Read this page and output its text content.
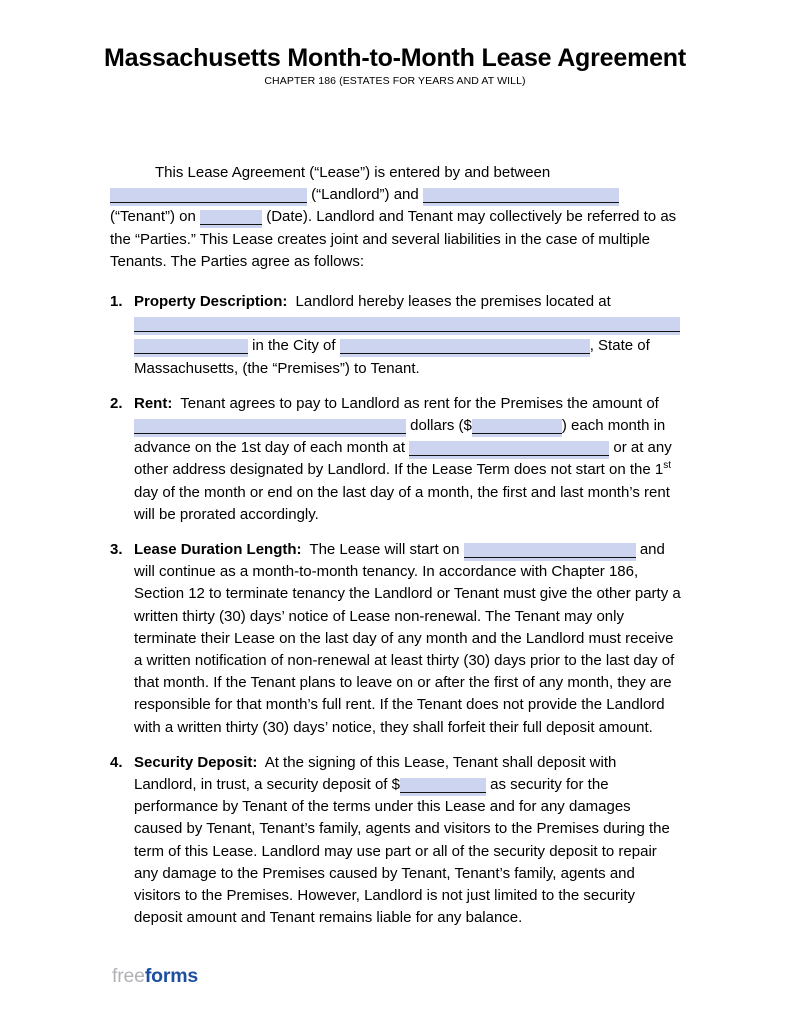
Massachusetts Month-to-Month Lease Agreement
CHAPTER 186 (ESTATES FOR YEARS AND AT WILL)

This Lease Agreement (“Lease”) is entered by and between  (“Landlord”) and  (“Tenant”) on	(Date). Landlord and Tenant may collectively be referred to as the “Parties.” This Lease creates joint and several liabilities in the case of multiple Tenants. The Parties agree as follows:

1. Property Description: Landlord hereby leases the premises located at   in the City of	, State of Massachusetts, (the “Premises”) to Tenant.
2. Rent: Tenant agrees to pay to Landlord as rent for the Premises the amount of  dollars ($	) each month in advance on the 1st day of each month at	or at any other address designated by Landlord. If the Lease Term does not start on the 1st day of the month or end on the last day of a month, the first and last month’s rent will be prorated accordingly.
3. Lease Duration Length: The Lease will start on	and will continue as a month-to-month tenancy. In accordance with Chapter 186, Section 12 to terminate tenancy the Landlord or Tenant must give the other party a written thirty (30) days’ notice of Lease non-renewal. The Tenant may only terminate their Lease on the last day of any month and the Landlord must receive a written notification of non-renewal at least thirty (30) days prior to the last day of that month. If the Tenant plans to leave on or after the first of any month, they are responsible for that month’s full rent. If the Tenant does not provide the Landlord with a written thirty (30) days’ notice, they shall forfeit their full deposit amount.
4. Security Deposit: At the signing of this Lease, Tenant shall deposit with Landlord, in trust, a security deposit of $	as security for the performance by Tenant of the terms under this Lease and for any damages caused by Tenant, Tenant’s family, agents and visitors to the Premises during the term of this Lease. Landlord may use part or all of the security deposit to repair any damage to the Premises caused by Tenant, Tenant’s family, agents and visitors to the Premises. However, Landlord is not just limited to the security deposit amount and Tenant remains liable for any balance.
freeforms
